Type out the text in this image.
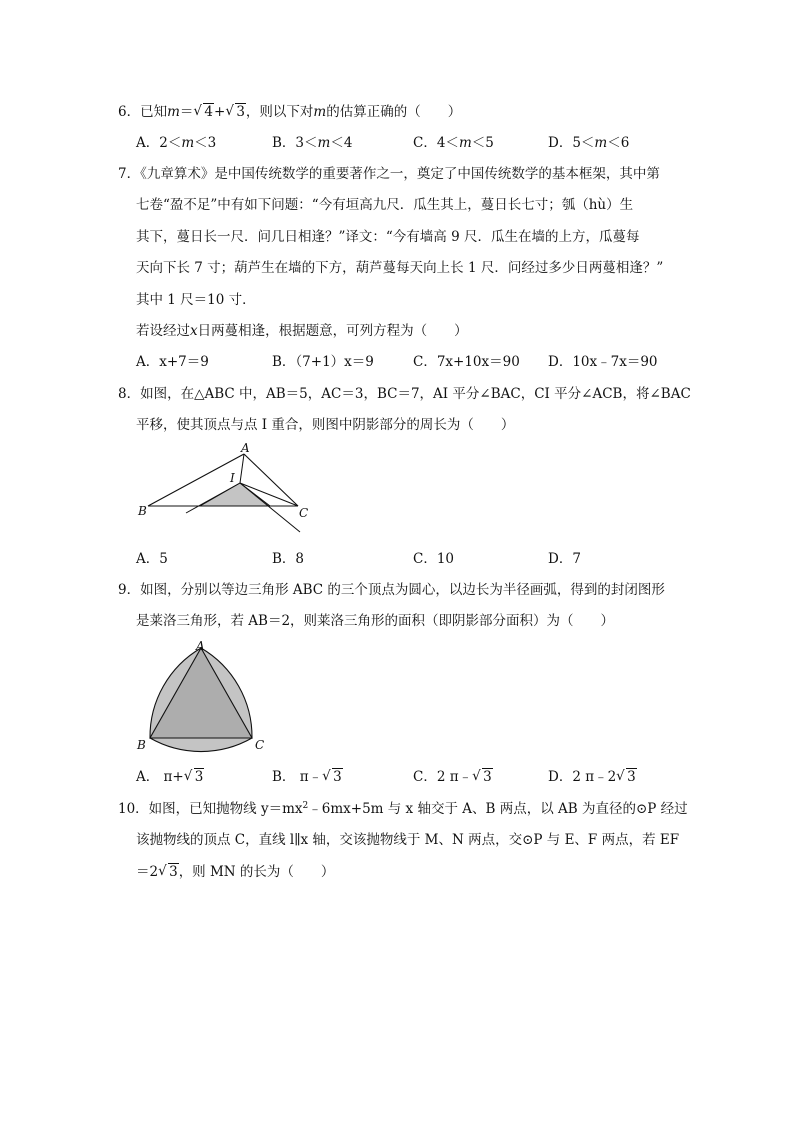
6．已知m＝ √ 4+ √ 3，则以下对m的估算正确的（　　）
A．2＜m＜3	B．3＜m＜4	C．4＜m＜5	D．5＜m＜6
7．《九章算术》是中国传统数学的重要著作之一，奠定了中国传统数学的基本框架，其中第
七卷“盈不足”中有如下问题：“今有垣高九尺．瓜生其上，蔓日长七寸；瓠（hù）生
其下，蔓日长一尺．问几日相逢？”译文：“今有墙高 9 尺．瓜生在墙的上方，瓜蔓每
天向下长 7 寸；葫芦生在墙的下方，葫芦蔓每天向上长 1 尺．问经过多少日两蔓相逢？”
其中 1 尺＝10 寸．
若设经过x日两蔓相逢，根据题意，可列方程为（　　）
A．x+7＝9	B．（7+1）x＝9	C．7x+10x＝90 D．10x﹣7x＝90
8．如图，在△ABC 中，AB＝5，AC＝3，BC＝7，AI 平分∠BAC，CI 平分∠ACB，将∠BAC
平移，使其顶点与点 I 重合，则图中阴影部分的周长为（　　）
A
B	C
I
A．5	B．8	C．10	D．7
9．如图，分别以等边三角形 ABC 的三个顶点为圆心，以边长为半径画弧，得到的封闭图形
是莱洛三角形，若 AB＝2，则莱洛三角形的面积（即阴影部分面积）为（　　）
A
B	C
A． π+ √ 3	B． π﹣ √ 3	C．2 π﹣ √ 3	D．2 π﹣2 √ 3
10．如图，已知抛物线 $y=mx^2﹣6mx+5m$ 与 x 轴交于 A、B 两点，以 AB 为直径的⊙P 经过
该抛物线的顶点 C，直线 l∥x 轴，交该抛物线于 M、N 两点，交⊙P 与 E、F 两点，若 EF
＝2 √ 3，则 MN 的长为（　　）
